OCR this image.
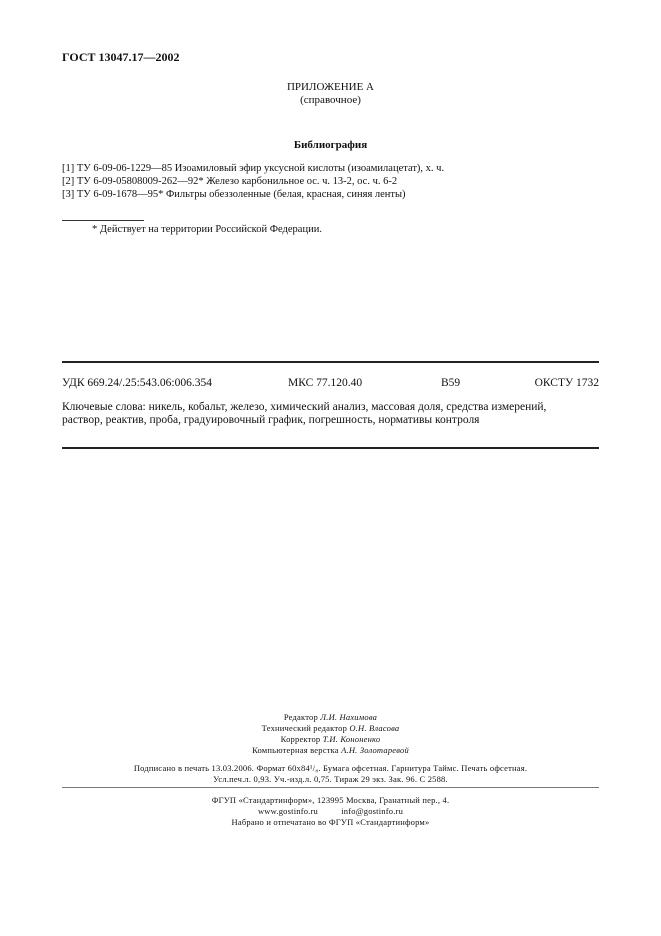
ГОСТ 13047.17—2002
ПРИЛОЖЕНИЕ А
(справочное)
Библиография
[1] ТУ 6-09-06-1229—85 Изоамиловый эфир уксусной кислоты (изоамилацетат), х. ч.
[2] ТУ 6-09-05808009-262—92* Железо карбонильное ос. ч. 13-2, ос. ч. 6-2
[3] ТУ 6-09-1678—95* Фильтры обеззоленные (белая, красная, синяя ленты)
* Действует на территории Российской Федерации.
УДК 669.24/.25:543.06:006.354	МКС 77.120.40	В59	ОКСТУ 1732
Ключевые слова: никель, кобальт, железо, химический анализ, массовая доля, средства измерений,
раствор, реактив, проба, градуировочный график, погрешность, нормативы контроля
Редактор Л.И. Нахимова
Технический редактор О.Н. Власова
Корректор Т.И. Кононенко
Компьютерная верстка А.Н. Золотаревой
Подписано в печать 13.03.2006. Формат 60x84¹/₈. Бумага офсетная. Гарнитура Таймс. Печать офсетная.
Усл.печ.л. 0,93. Уч.-изд.л. 0,75. Тираж 29 экз. Зак. 96. С 2588.
ФГУП «Стандартинформ», 123995 Москва, Гранатный пер., 4.
www.gostinfo.ru	info@gostinfo.ru
Набрано и отпечатано во ФГУП «Стандартинформ»
